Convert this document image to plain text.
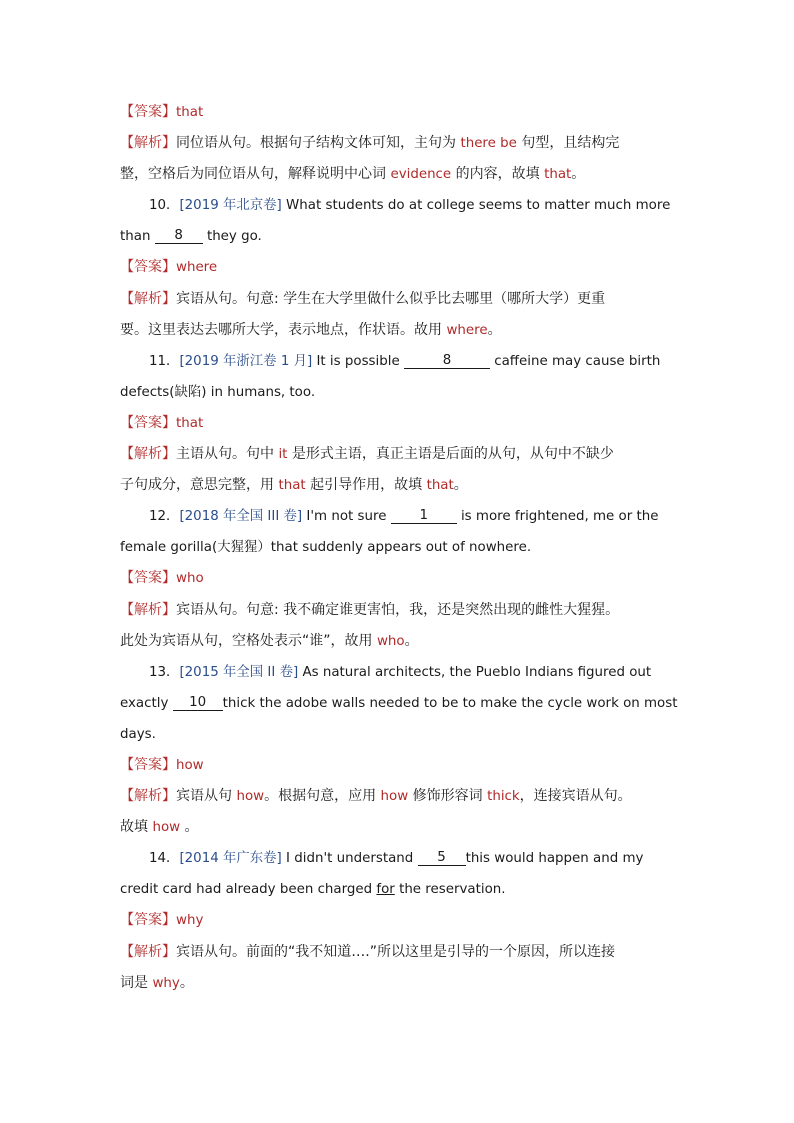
【答案】that
【解析】同位语从句。根据句子结构文体可知，主句为 there be 句型，且结构完
整，空格后为同位语从句，解释说明中心词 evidence 的内容，故填 that。
10．[2019 年北京卷] What students do at college seems to matter much more
than 8 they go.
【答案】where
【解析】宾语从句。句意: 学生在大学里做什么似乎比去哪里（哪所大学）更重
要。这里表达去哪所大学，表示地点，作状语。故用 where。
11．[2019 年浙江卷 1 月] It is possible	8	caffeine may cause birth
defects(缺陷) in humans, too.
【答案】that
【解析】主语从句。句中 it 是形式主语，真正主语是后面的从句，从句中不缺少
子句成分，意思完整，用 that 起引导作用，故填 that。
12．[2018 年全国 III 卷] I'm not sure 1 is more frightened, me or the
female gorilla(大猩猩）that suddenly appears out of nowhere.
【答案】who
【解析】宾语从句。句意: 我不确定谁更害怕，我，还是突然出现的雌性大猩猩。
此处为宾语从句，空格处表示“谁”，故用 who。
13．[2015 年全国 II 卷] As natural architects, the Pueblo Indians figured out
exactly 10 thick the adobe walls needed to be to make the cycle work on most
days.
【答案】how
【解析】宾语从句 how。根据句意，应用 how 修饰形容词 thick，连接宾语从句。
故填 how 。
14．[2014 年广东卷] I didn't understand 5 this would happen and my
credit card had already been charged for the reservation.
【答案】why
【解析】宾语从句。前面的“我不知道….”所以这里是引导的一个原因，所以连接
词是 why。
